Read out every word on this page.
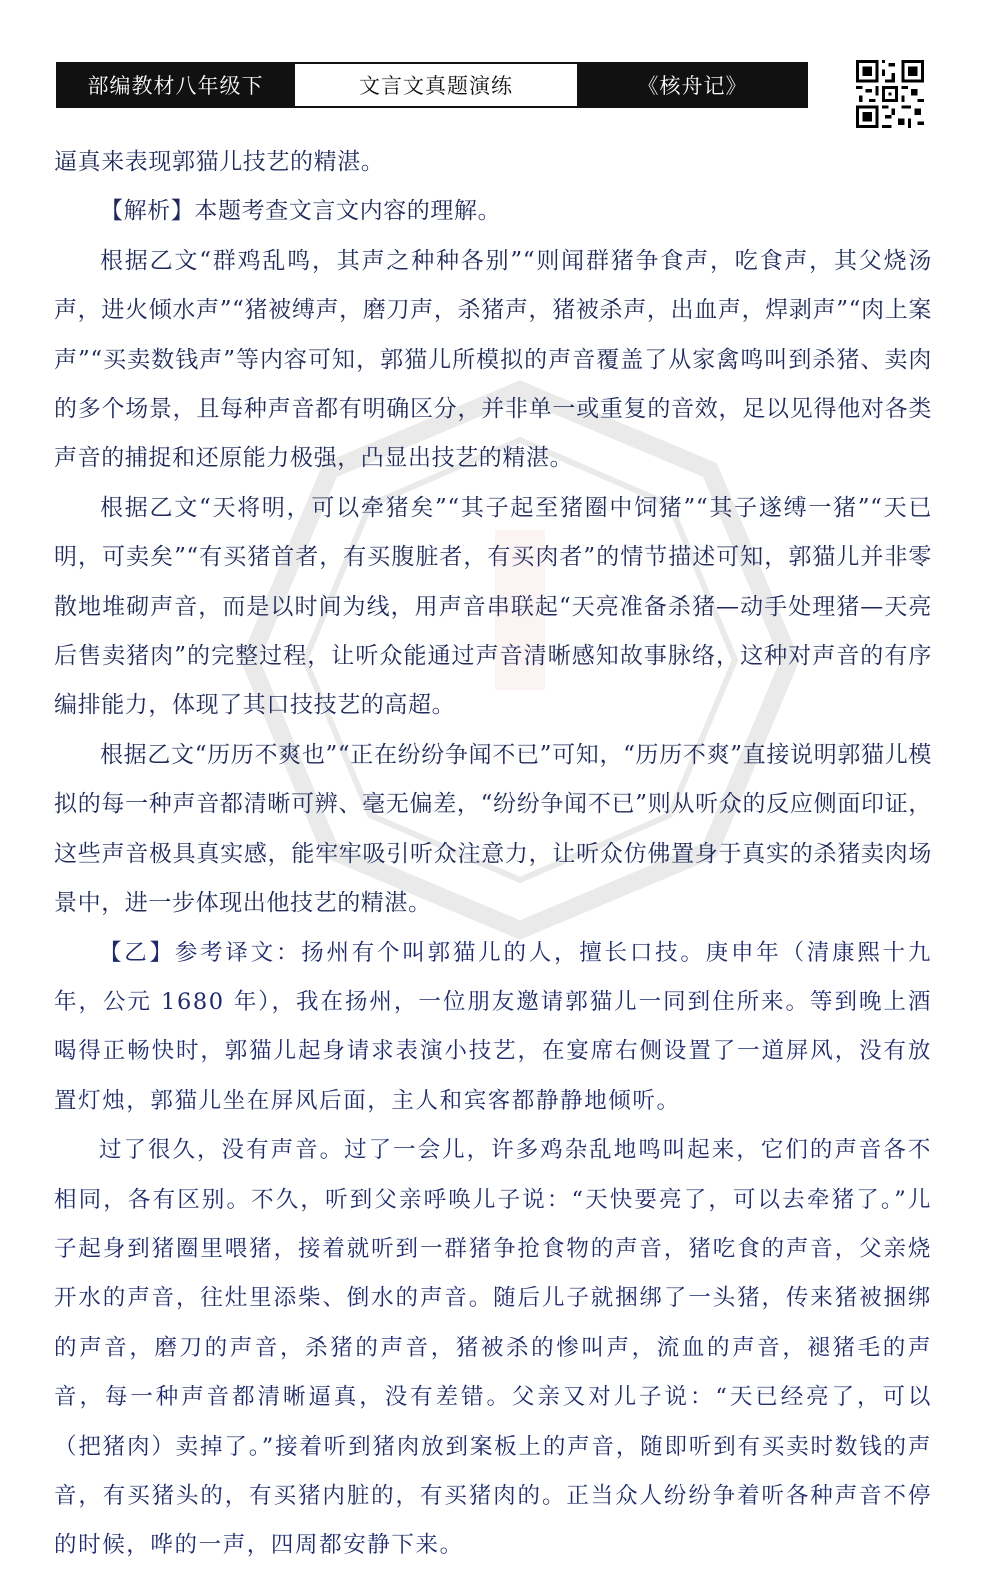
部编教材八年级下	文言文真题演练	《核舟记》

逼真来表现郭猫儿技艺的精湛。

【解析】本题考查文言文内容的理解。

根据乙文“群鸡乱鸣，其声之种种各别”“则闻群猪争食声，吃食声，其父烧汤声，进火倾水声”“猪被缚声，磨刀声，杀猪声，猪被杀声，出血声，焊剥声”“肉上案声”“买卖数钱声”等内容可知，郭猫儿所模拟的声音覆盖了从家禽鸣叫到杀猪、卖肉的多个场景，且每种声音都有明确区分，并非单一或重复的音效，足以见得他对各类声音的捕捉和还原能力极强，凸显出技艺的精湛。

根据乙文“天将明，可以牵猪矣”“其子起至猪圈中饲猪”“其子遂缚一猪”“天已明，可卖矣”“有买猪首者，有买腹脏者，有买肉者”的情节描述可知，郭猫儿并非零散地堆砌声音，而是以时间为线，用声音串联起“天亮准备杀猪—动手处理猪—天亮后售卖猪肉”的完整过程，让听众能通过声音清晰感知故事脉络，这种对声音的有序编排能力，体现了其口技技艺的高超。

根据乙文“历历不爽也”“正在纷纷争闻不已”可知，“历历不爽”直接说明郭猫儿模拟的每一种声音都清晰可辨、毫无偏差，“纷纷争闻不已”则从听众的反应侧面印证，这些声音极具真实感，能牢牢吸引听众注意力，让听众仿佛置身于真实的杀猪卖肉场景中，进一步体现出他技艺的精湛。

【乙】参考译文：扬州有个叫郭猫儿的人，擅长口技。庚申年（清康熙十九年，公元 1680 年），我在扬州，一位朋友邀请郭猫儿一同到住所来。等到晚上酒喝得正畅快时，郭猫儿起身请求表演小技艺，在宴席右侧设置了一道屏风，没有放置灯烛，郭猫儿坐在屏风后面，主人和宾客都静静地倾听。

过了很久，没有声音。过了一会儿，许多鸡杂乱地鸣叫起来，它们的声音各不相同，各有区别。不久，听到父亲呼唤儿子说：“天快要亮了，可以去牵猪了。”儿子起身到猪圈里喂猪，接着就听到一群猪争抢食物的声音，猪吃食的声音，父亲烧开水的声音，往灶里添柴、倒水的声音。随后儿子就捆绑了一头猪，传来猪被捆绑的声音，磨刀的声音，杀猪的声音，猪被杀的惨叫声，流血的声音，褪猪毛的声音，每一种声音都清晰逼真，没有差错。父亲又对儿子说：“天已经亮了，可以（把猪肉）卖掉了。”接着听到猪肉放到案板上的声音，随即听到有买卖时数钱的声音，有买猪头的，有买猪内脏的，有买猪肉的。正当众人纷纷争着听各种声音不停的时候，哗的一声，四周都安静下来。
